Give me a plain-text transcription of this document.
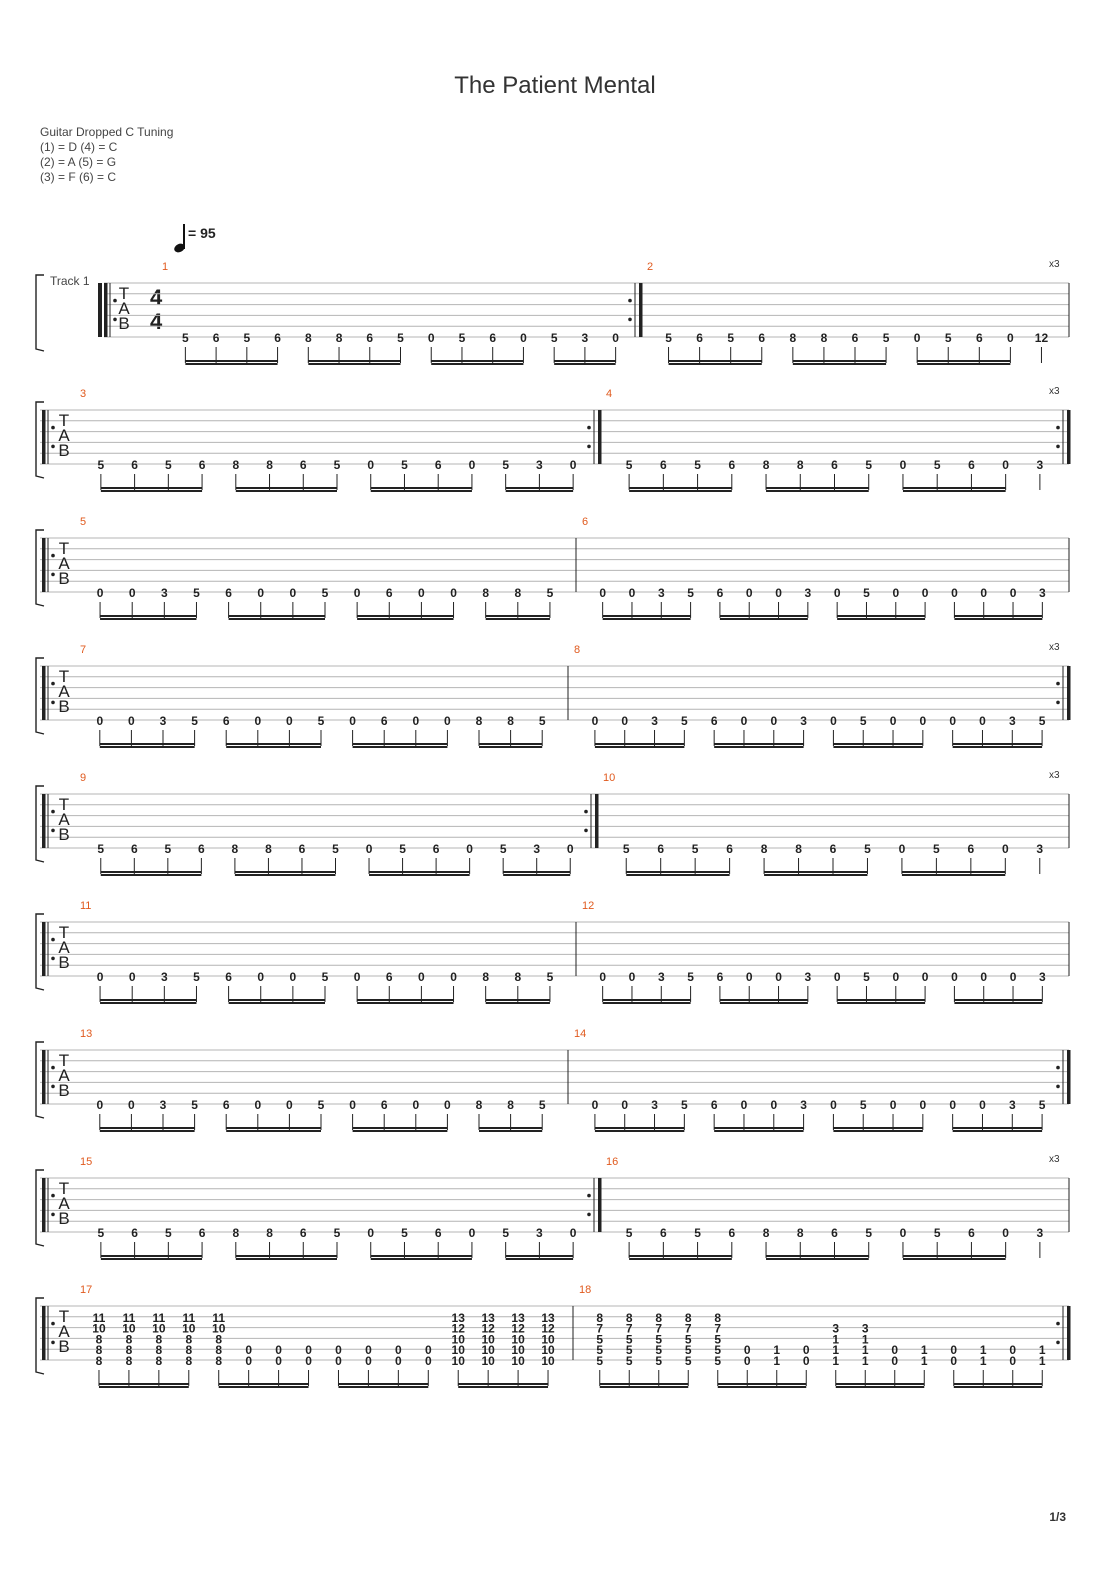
The Patient Mental
Guitar Dropped C Tuning
(1) = D (4) = C
(2) = A (5) = G
(3) = F (6) = C
= 95
Track 1
4
4
T
A
B
1
5 6 5 6 8 8 6 5 0 5 6 0 5 3 0
2
5 6 5 6 8 8 6 5 0 5 6 0 12
x3
T
A
B
3
5 6 5 6 8 8 6 5 0 5 6 0 5 3 0
4
5 6 5 6 8 8 6 5 0 5 6 0 3
x3
T
A
B
5
0 0 3 5 6 0 0 5 0 6 0 0 8 8 5
6
0 0 3 5 6 0 0 3 0 5 0 0 0 0 0 3
T
A
B
7
0 0 3 5 6 0 0 5 0 6 0 0 8 8 5
8
0 0 3 5 6 0 0 3 0 5 0 0 0 0 3 5
x3
T
A
B
9
5 6 5 6 8 8 6 5 0 5 6 0 5 3 0
10
5 6 5 6 8 8 6 5 0 5 6 0 3
x3
T
A
B
11
0 0 3 5 6 0 0 5 0 6 0 0 8 8 5
12
0 0 3 5 6 0 0 3 0 5 0 0 0 0 0 3
T
A
B
13
0 0 3 5 6 0 0 5 0 6 0 0 8 8 5
14
0 0 3 5 6 0 0 3 0 5 0 0 0 0 3 5
T
A
B
15
5 6 5 6 8 8 6 5 0 5 6 0 5 3 0
16
5 6 5 6 8 8 6 5 0 5 6 0 3
x3
T
A
B
17
11
10
8
8
8
11
10
8
8
8
11
10
8
8
8
11
10
8
8
8
11
10
8
8
8
0
0
0
0
0
0
0
0
0
0
0
0
0
0
13
12
10
10
10
13
12
10
10
10
13
12
10
10
10
13
12
10
10
10
18
8
7
5
5
5
8
7
5
5
5
8
7
5
5
5
8
7
5
5
5
8
7
5
5
5
0
0
1
1
0
0
3
1
1
1
3
1
1
1
0
0
1
1
0
0
1
1
0
0
1
1
1/3
